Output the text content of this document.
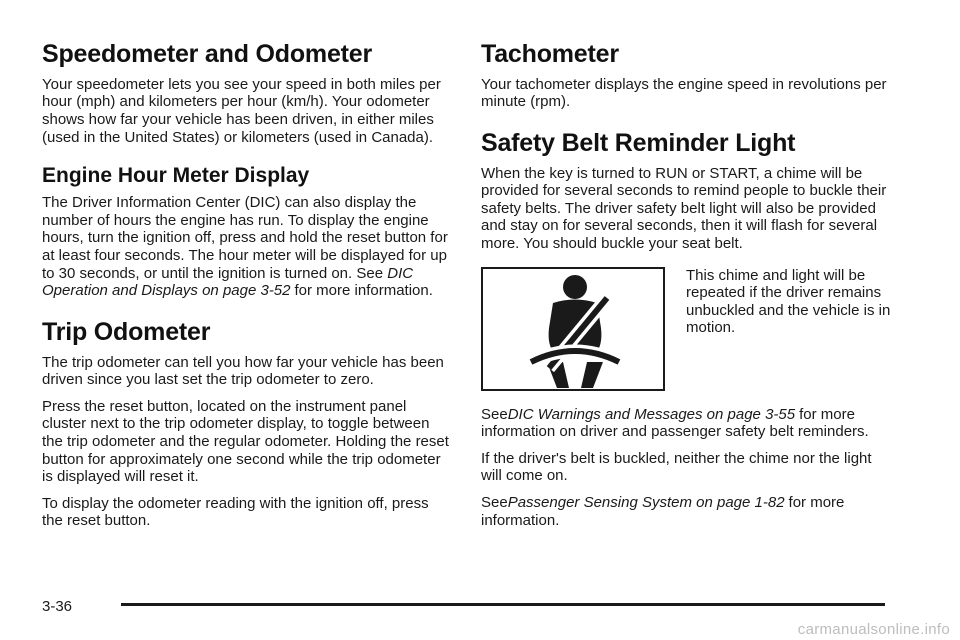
Speedometer and Odometer

Your speedometer lets you see your speed in both miles per hour (mph) and kilometers per hour (km/h). Your odometer shows how far your vehicle has been driven, in either miles (used in the United States) or kilometers (used in Canada).

Engine Hour Meter Display

The Driver Information Center (DIC) can also display the number of hours the engine has run. To display the engine hours, turn the ignition off, press and hold the reset button for at least four seconds. The hour meter will be displayed for up to 30 seconds, or until the ignition is turned on. See DIC Operation and Displays on page 3-52 for more information.

Trip Odometer

The trip odometer can tell you how far your vehicle has been driven since you last set the trip odometer to zero.

Press the reset button, located on the instrument panel cluster next to the trip odometer display, to toggle between the trip odometer and the regular odometer. Holding the reset button for approximately one second while the trip odometer is displayed will reset it.

To display the odometer reading with the ignition off, press the reset button.

Tachometer

Your tachometer displays the engine speed in revolutions per minute (rpm).

Safety Belt Reminder Light

When the key is turned to RUN or START, a chime will be provided for several seconds to remind people to buckle their safety belts. The driver safety belt light will also be provided and stay on for several seconds, then it will flash for several more. You should buckle your seat belt.

This chime and light will be repeated if the driver remains unbuckled and the vehicle is in motion.

SeeDIC Warnings and Messages on page 3-55 for more information on driver and passenger safety belt reminders.

If the driver's belt is buckled, neither the chime nor the light will come on.

SeePassenger Sensing System on page 1-82 for more information.

3-36
carmanualsonline.info
